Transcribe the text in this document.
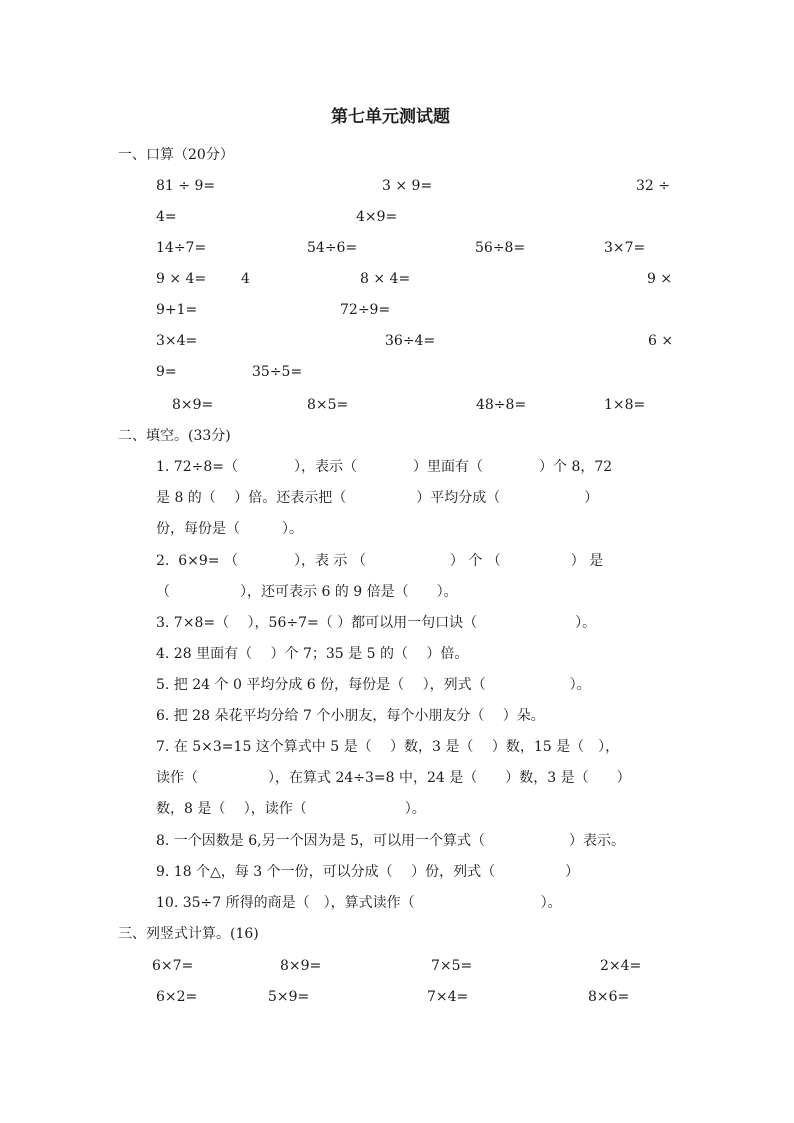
第七单元测试题
一、口算（20分）
81 ÷ 9=	3 × 9=	32 ÷
4=	4×9=
14÷7=	54÷6=	56÷8=	3×7=
9 × 4= 4	8 × 4=	9 ×
9+1=	72÷9=
3×4=	36÷4=	6 ×
9=	35÷5=
8×9=	8×5=	48÷8=	1×8=
二、填空。(33分)
1. 72÷8=（　　　　），表示（　　　　）里面有（　　　　）个 8，72
是 8 的（　 ）倍。还表示把（　　　　　）平均分成（　　　　　　）
份，每份是（　　　）。
2.  6×9= （　　　　），表 示 （　　　　　　） 个 （　　　　　） 是
（　　　　　），还可表示 6 的 9 倍是（　　）。
3. 7×8=（　 ），56÷7=（ ）都可以用一句口诀（　　　　　　　）。
4. 28 里面有（　 ）个 7；35 是 5 的（　 ）倍。
5. 把 24 个 0 平均分成 6 份，每份是（　 ），列式（　　　　　　）。
6. 把 28 朵花平均分给 7 个小朋友，每个小朋友分（　 ）朵。
7. 在 5×3=15 这个算式中 5 是（　 ）数，3 是（　 ）数，15 是（　），
读作（　　　　　），在算式 24÷3=8 中，24 是（　　）数，3 是（　　）
数，8 是（　 ），读作（　　　　　　　）。
8. 一个因数是 6,另一个因为是 5，可以用一个算式（　　　　　　）表示。
9. 18 个△，每 3 个一份，可以分成（　 ）份，列式（　　　　　）
10. 35÷7 所得的商是（　），算式读作（　　　　　　　　　）。
三、列竖式计算。(16)
6×7=	8×9=	7×5=	2×4=
6×2=	5×9=	7×4=	8×6=
